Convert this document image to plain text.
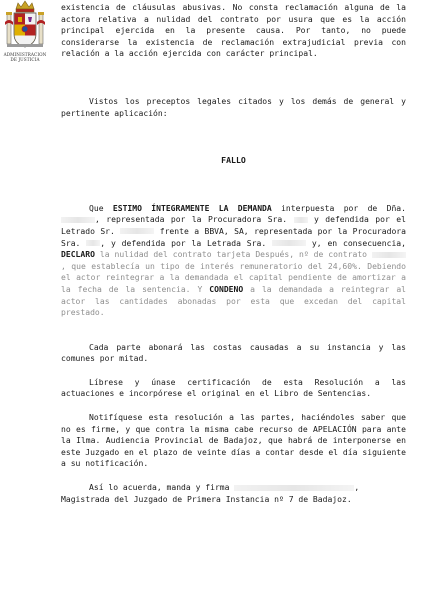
ADMINISTRACION
DE JUSTICIA

existencia de cláusulas abusivas. No consta reclamación alguna de la actora relativa a nulidad del contrato por usura que es la acción principal ejercida en la presente causa. Por tanto, no puede considerarse la existencia de reclamación extrajudicial previa con relación a la acción ejercida con carácter principal.

Vistos los preceptos legales citados y los demás de general y pertinente aplicación:

FALLO

Que ESTIMO ÍNTEGRAMENTE LA DEMANDA interpuesta por de Dña. , representada por la Procuradora Sra.	y defendida por el Letrado Sr.	frente a BBVA, SA, representada por la Procuradora Sra. , y defendida por la Letrada Sra.	y, en consecuencia, DECLARO la nulidad del contrato tarjeta Después, nº de contrato , que establecía un tipo de interés remuneratorio del 24,60%. Debiendo el actor reintegrar a la demandada el capital pendiente de amortizar a la fecha de la sentencia. Y CONDENO a la demandada a reintegrar al actor las cantidades abonadas por esta que excedan del capital prestado.

Cada parte abonará las costas causadas a su instancia y las comunes por mitad.

Líbrese y únase certificación de esta Resolución a las actuaciones e incorpórese el original en el Libro de Sentencias.

Notifíquese esta resolución a las partes, haciéndoles saber que no es firme, y que contra la misma cabe recurso de APELACIÓN para ante la Ilma. Audiencia Provincial de Badajoz, que habrá de interponerse en este Juzgado en el plazo de veinte días a contar desde el día siguiente a su notificación.

Así lo acuerda, manda y firma	,

Magistrada del Juzgado de Primera Instancia nº 7 de Badajoz.
